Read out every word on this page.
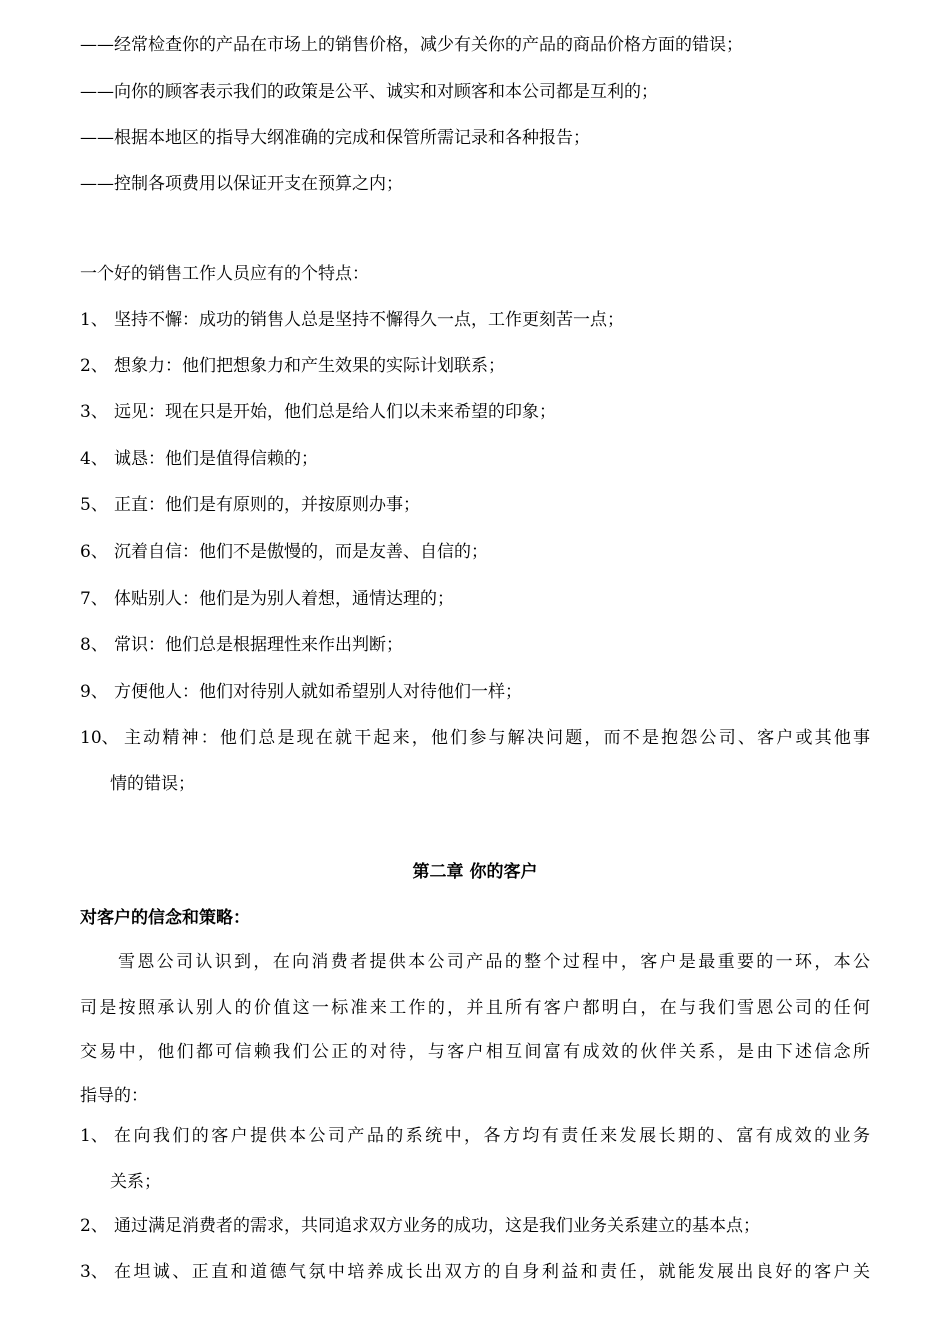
——经常检查你的产品在市场上的销售价格，减少有关你的产品的商品价格方面的错误；
——向你的顾客表示我们的政策是公平、诚实和对顾客和本公司都是互利的；
——根据本地区的指导大纲准确的完成和保管所需记录和各种报告；
——控制各项费用以保证开支在预算之内；
一个好的销售工作人员应有的个特点：
1、 坚持不懈：成功的销售人总是坚持不懈得久一点，工作更刻苦一点；
2、 想象力：他们把想象力和产生效果的实际计划联系；
3、 远见：现在只是开始，他们总是给人们以未来希望的印象；
4、 诚恳：他们是值得信赖的；
5、 正直：他们是有原则的，并按原则办事；
6、 沉着自信：他们不是傲慢的，而是友善、自信的；
7、 体贴别人：他们是为别人着想，通情达理的；
8、 常识：他们总是根据理性来作出判断；
9、 方便他人：他们对待别人就如希望别人对待他们一样；
10、 主动精神：他们总是现在就干起来，他们参与解决问题，而不是抱怨公司、客户或其他事
情的错误；
第二章 你的客户
对客户的信念和策略：
雪恩公司认识到，在向消费者提供本公司产品的整个过程中，客户是最重要的一环，本公
司是按照承认别人的价值这一标准来工作的，并且所有客户都明白，在与我们雪恩公司的任何
交易中，他们都可信赖我们公正的对待，与客户相互间富有成效的伙伴关系，是由下述信念所
指导的：
1、 在向我们的客户提供本公司产品的系统中，各方均有责任来发展长期的、富有成效的业务
关系；
2、 通过满足消费者的需求，共同追求双方业务的成功，这是我们业务关系建立的基本点；
3、 在坦诚、正直和道德气氛中培养成长出双方的自身利益和责任，就能发展出良好的客户关
